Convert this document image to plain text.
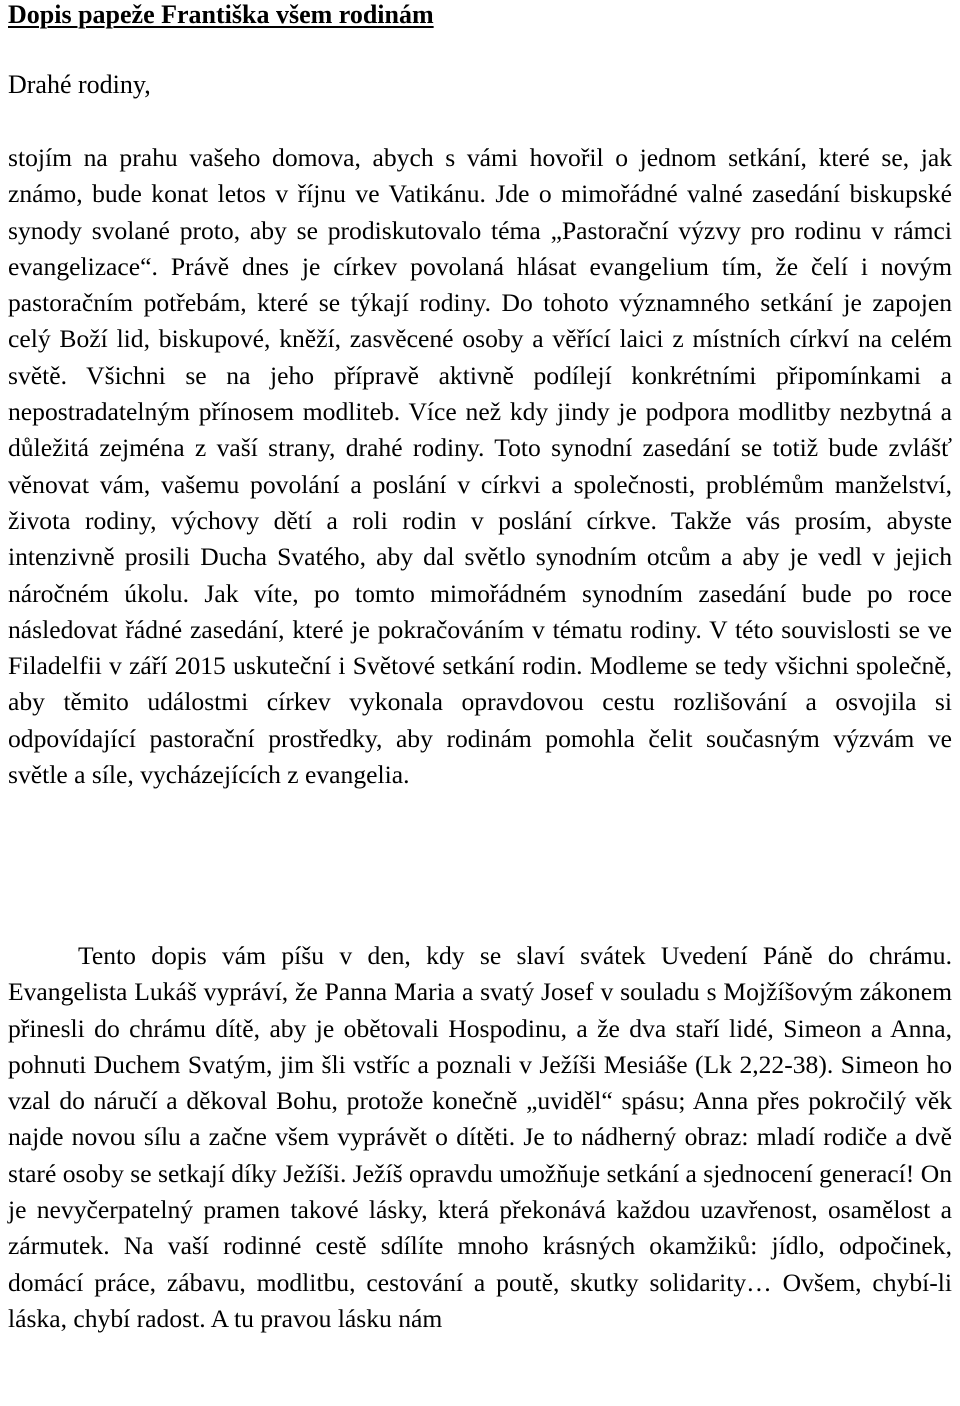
Dopis papeže Františka všem rodinám

Drahé rodiny,

stojím na prahu vašeho domova, abych s vámi hovořil o jednom setkání, které se, jak známo, bude konat letos v říjnu ve Vatikánu. Jde o mimořádné valné zasedání biskupské synody svolané proto, aby se prodiskutovalo téma „Pastorační výzvy pro rodinu v rámci evangelizace“. Právě dnes je církev povolaná hlásat evangelium tím, že čelí i novým pastoračním potřebám, které se týkají rodiny. Do tohoto významného setkání je zapojen celý Boží lid, biskupové, kněží, zasvěcené osoby a věřící laici z místních církví na celém světě. Všichni se na jeho přípravě aktivně podílejí konkrétními připomínkami a nepostradatelným přínosem modliteb. Více než kdy jindy je podpora modlitby nezbytná a důležitá zejména z vaší strany, drahé rodiny. Toto synodní zasedání se totiž bude zvlášť věnovat vám, vašemu povolání a poslání v církvi a společnosti, problémům manželství, života rodiny, výchovy dětí a roli rodin v poslání církve. Takže vás prosím, abyste intenzivně prosili Ducha Svatého, aby dal světlo synodním otcům a aby je vedl v jejich náročném úkolu. Jak víte, po tomto mimořádném synodním zasedání bude po roce následovat řádné zasedání, které je pokračováním v tématu rodiny. V této souvislosti se ve Filadelfii v září 2015 uskuteční i Světové setkání rodin. Modleme se tedy všichni společně, aby těmito událostmi církev vykonala opravdovou cestu rozlišování a osvojila si odpovídající pastorační prostředky, aby rodinám pomohla čelit současným výzvám ve světle a síle, vycházejících z evangelia.

Tento dopis vám píšu v den, kdy se slaví svátek Uvedení Páně do chrámu. Evangelista Lukáš vypráví, že Panna Maria a svatý Josef v souladu s Mojžíšovým zákonem přinesli do chrámu dítě, aby je obětovali Hospodinu, a že dva staří lidé, Simeon a Anna, pohnuti Duchem Svatým, jim šli vstříc a poznali v Ježíši Mesiáše (Lk 2,22-38). Simeon ho vzal do náručí a děkoval Bohu, protože konečně „uviděl“ spásu; Anna přes pokročilý věk najde novou sílu a začne všem vyprávět o dítěti. Je to nádherný obraz: mladí rodiče a dvě staré osoby se setkají díky Ježíši. Ježíš opravdu umožňuje setkání a sjednocení generací! On je nevyčerpatelný pramen takové lásky, která překonává každou uzavřenost, osamělost a zármutek. Na vaší rodinné cestě sdílíte mnoho krásných okamžiků: jídlo, odpočinek, domácí práce, zábavu, modlitbu, cestování a poutě, skutky solidarity… Ovšem, chybí-li láska, chybí radost. A tu pravou lásku nám
